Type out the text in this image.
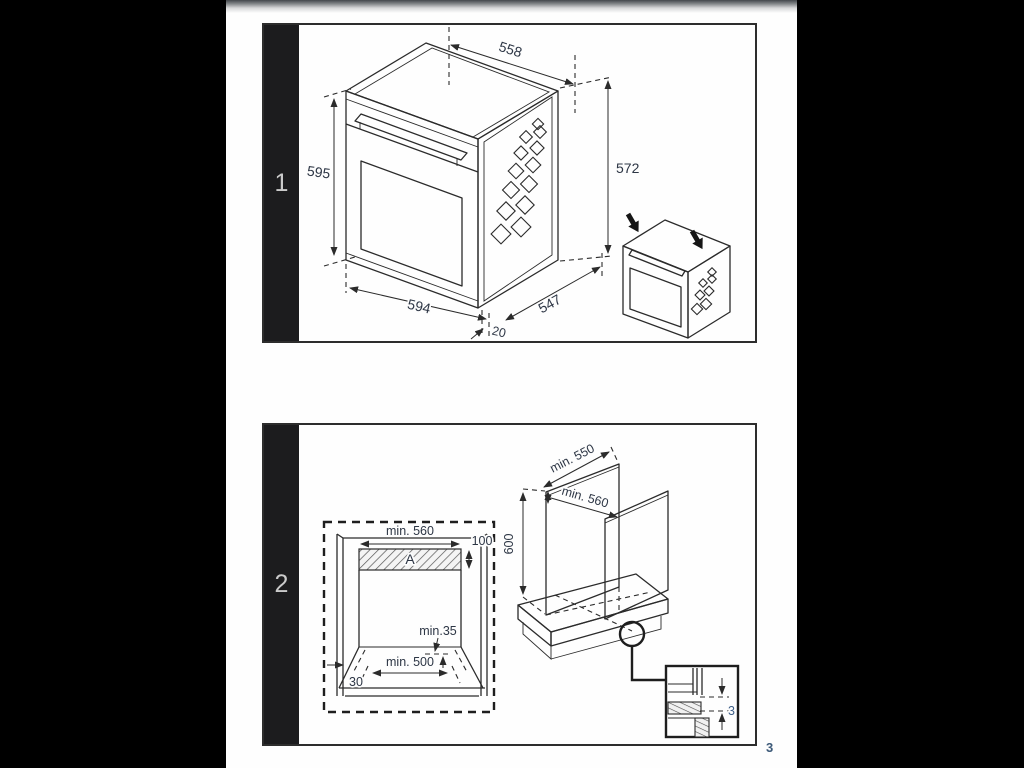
1
558
595	572
594
20
547
2
A
min. 560
100
min.35
min. 500
30
min. 550
min. 560
600
3
3
